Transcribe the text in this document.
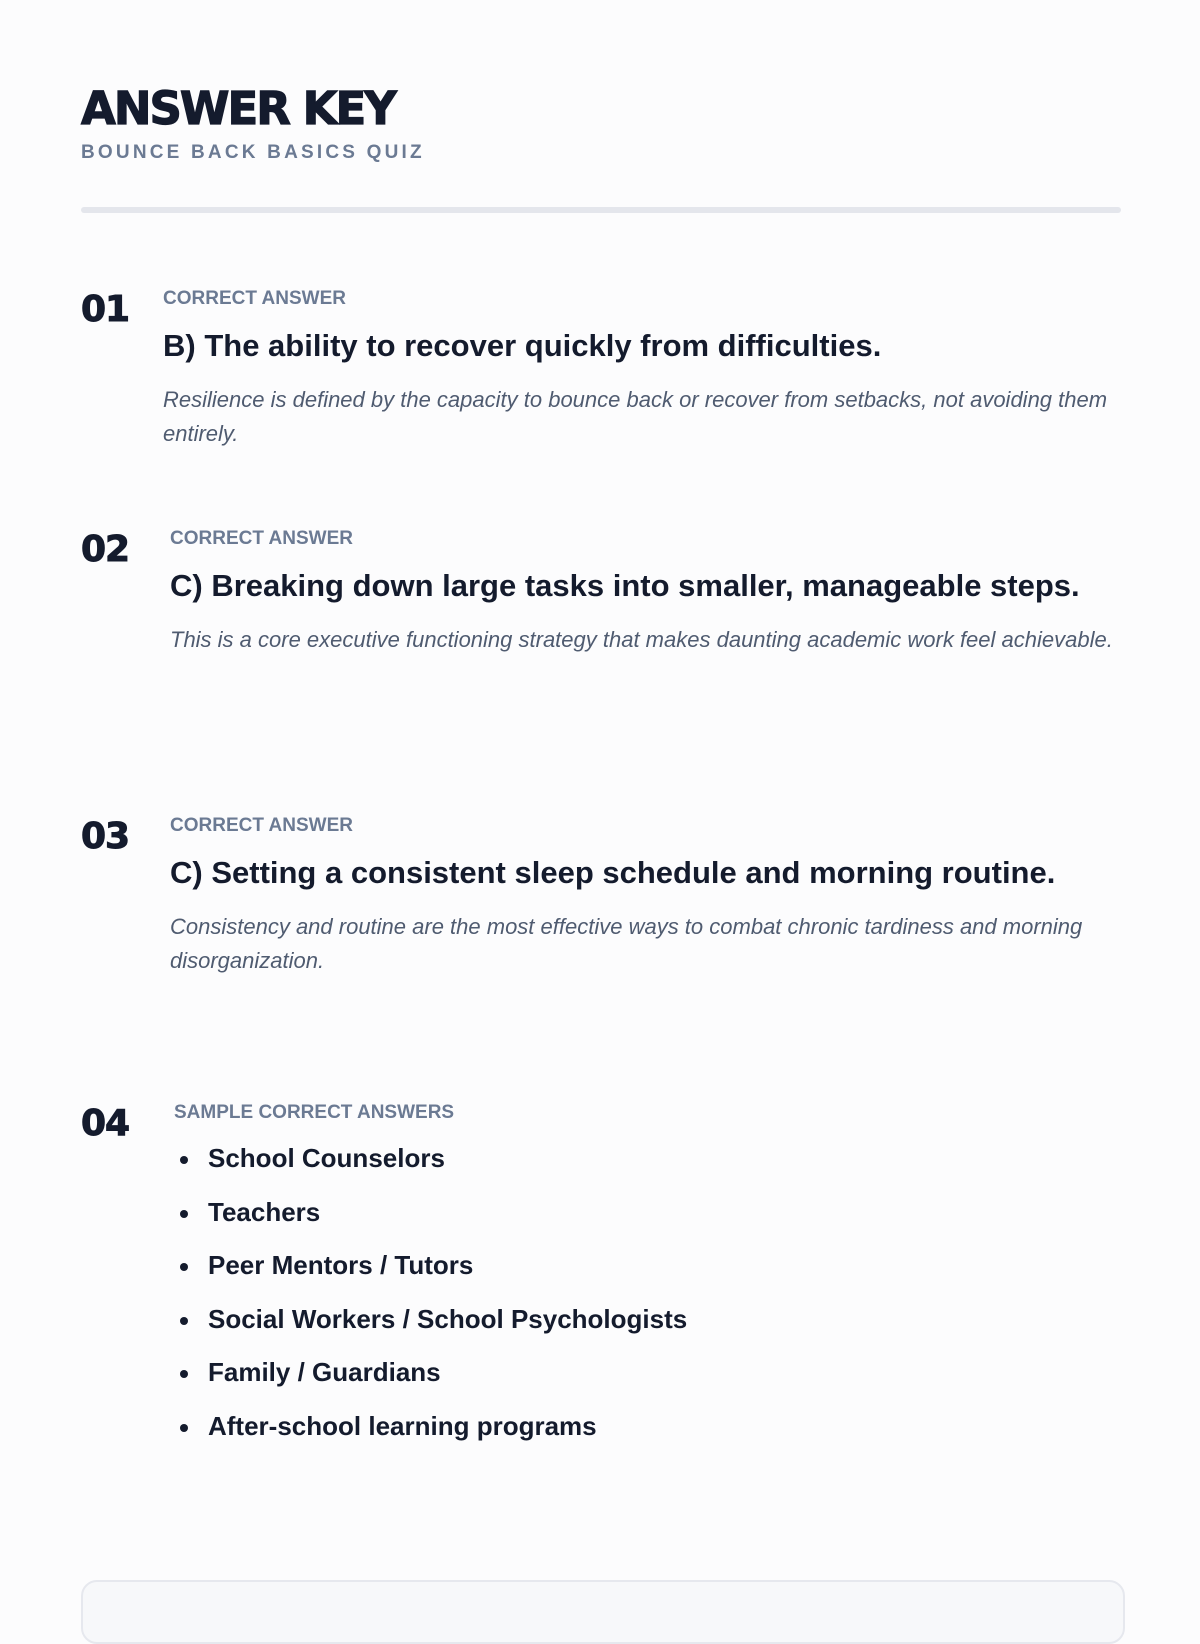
ANSWER KEY
BOUNCE BACK BASICS QUIZ
01 CORRECT ANSWER

B) The ability to recover quickly from difficulties.

Resilience is defined by the capacity to bounce back or recover from setbacks, not avoiding them entirely.

02 CORRECT ANSWER

C) Breaking down large tasks into smaller, manageable steps.

This is a core executive functioning strategy that makes daunting academic work feel achievable.

03 CORRECT ANSWER

C) Setting a consistent sleep schedule and morning routine.

Consistency and routine are the most effective ways to combat chronic tardiness and morning disorganization.

04 SAMPLE CORRECT ANSWERS

School Counselors
Teachers
Peer Mentors / Tutors
Social Workers / School Psychologists
Family / Guardians
After-school learning programs
